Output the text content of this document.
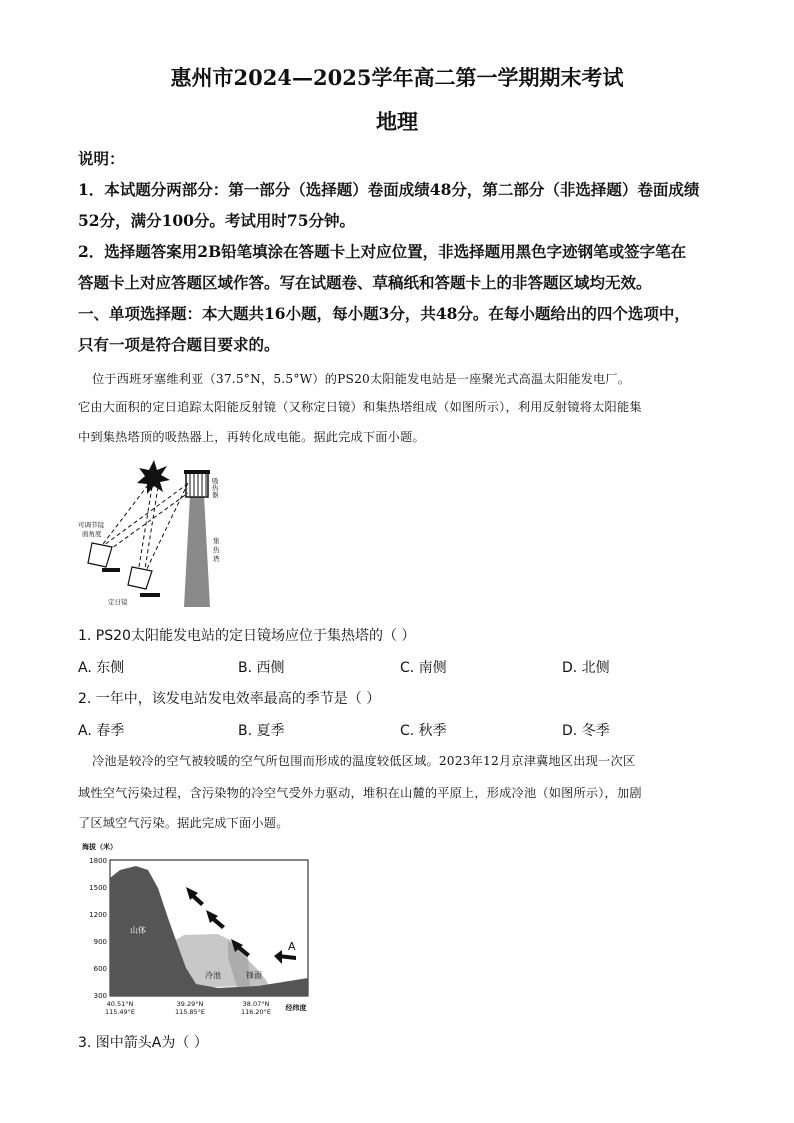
惠州市2024—2025学年高二第一学期期末考试
地理
说明：
1．本试题分两部分：第一部分（选择题）卷面成绩48分，第二部分（非选择题）卷面成绩
52分，满分100分。考试用时75分钟。
2．选择题答案用2B铅笔填涂在答题卡上对应位置，非选择题用黑色字迹钢笔或签字笔在
答题卡上对应答题区域作答。写在试题卷、草稿纸和答题卡上的非答题区域均无效。
一、单项选择题：本大题共16小题，每小题3分，共48分。在每小题给出的四个选项中，
只有一项是符合题目要求的。
位于西班牙塞维利亚（37.5°N，5.5°W）的PS20太阳能发电站是一座聚光式高温太阳能发电厂。
它由大面积的定日追踪太阳能反射镜（又称定日镜）和集热塔组成（如图所示），利用反射镜将太阳能集
中到集热塔顶的吸热器上，再转化成电能。据此完成下面小题。
吸
热
器
集
热
塔
可调节镜
面角度
定日镜
1. PS20太阳能发电站的定日镜场应位于集热塔的（ ）
A. 东侧	B. 西侧	C. 南侧	D. 北侧
2. 一年中，该发电站发电效率最高的季节是（ ）
A. 春季	B. 夏季	C. 秋季	D. 冬季
冷池是较冷的空气被较暖的空气所包围而形成的温度较低区域。2023年12月京津冀地区出现一次区
域性空气污染过程，含污染物的冷空气受外力驱动，堆积在山麓的平原上，形成冷池（如图所示），加剧
了区域空气污染。据此完成下面小题。
海拔（米）
1800
1500
1200
900
600
300
山体
冷池	锋面
A
40.51°N
115.49°E
39.29°N
115.85°E
38.07°N
116.20°E 经纬度
3. 图中箭头A为（ ）
